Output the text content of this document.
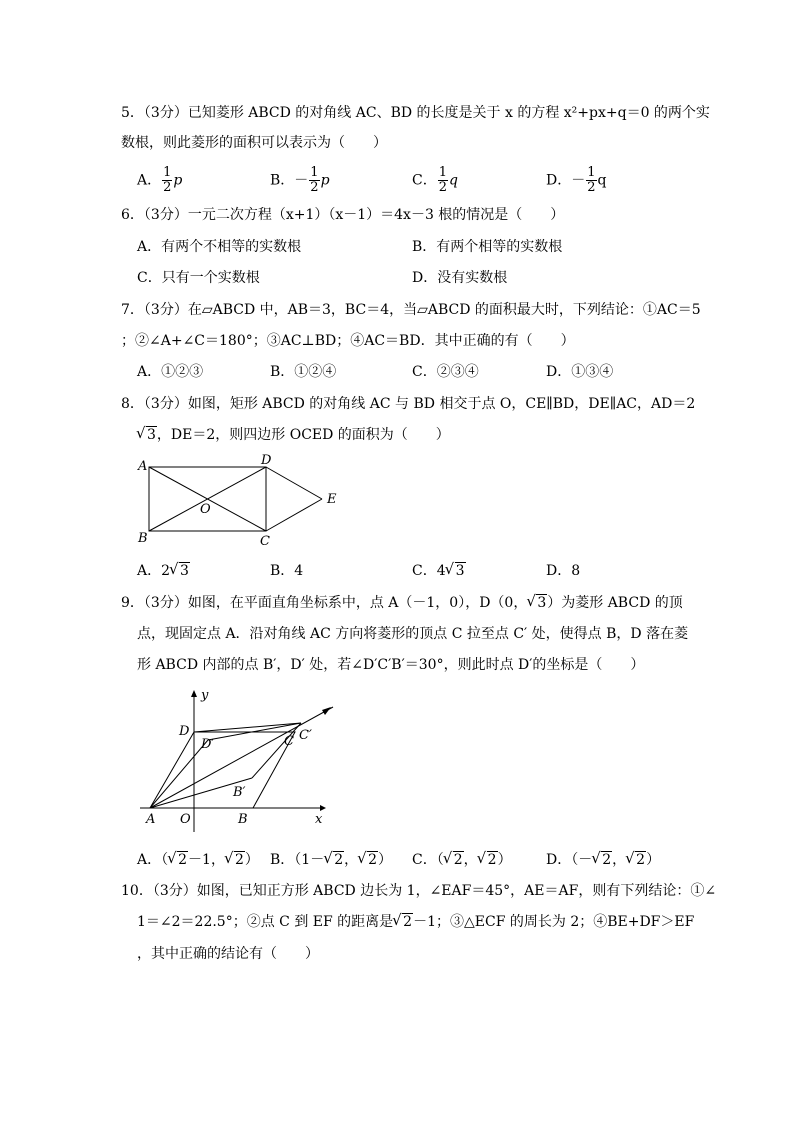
5．（3分）已知菱形 ABCD 的对角线 AC、BD 的长度是关于 x 的方程 x²+px+q＝0 的两个实
数根，则此菱形的面积可以表示为（　　）
A． $\frac{1}{2}$ p	B．－ $\frac{1}{2}$ p	C． $\frac{1}{2}$ q	D．－ $\frac{1}{2}$ q
6．（3分）一元二次方程（x+1）（x－1）＝4x－3 根的情况是（　　）
A．有两个不相等的实数根	B．有两个相等的实数根
C．只有一个实数根	D．没有实数根
7．（3分）在▱ABCD 中，AB＝3，BC＝4，当▱ABCD 的面积最大时，下列结论：①AC＝5
；②∠A+∠C＝180°；③AC⊥BD；④AC＝BD．其中正确的有（　　）
A．①②③	B．①②④	C．②③④	D．①③④
8．（3分）如图，矩形 ABCD 的对角线 AC 与 BD 相交于点 O，CE∥BD，DE∥AC，AD＝2
√ 3，DE＝2，则四边形 OCED 的面积为（　　）
A	D
E
O
B	C
A．2 √ 3	B．4	C．4 √ 3	D．8
9．（3分）如图，在平面直角坐标系中，点 A（－1，0），D（0， √ 3）为菱形 ABCD 的顶
点，现固定点 A．沿对角线 AC 方向将菱形的顶点 C 拉至点 C′ 处，使得点 B，D 落在菱
形 ABCD 内部的点 B′，D′ 处，若∠D′C′B′＝30°，则此时点 D′的坐标是（　　）
y
x
D
D′	C C′
B′
A O	B
A．（ √ 2－1， √ 2） B．（1－ √ 2， √ 2） C．（ √ 2， √ 2） D．（－ √ 2， √ 2）
10．（3分）如图，已知正方形 ABCD 边长为 1，∠EAF＝45°，AE＝AF，则有下列结论：①∠
1＝∠2＝22.5°；②点 C 到 EF 的距离是 √ 2－1；③△ECF 的周长为 2；④BE+DF＞EF
，其中正确的结论有（　　）
